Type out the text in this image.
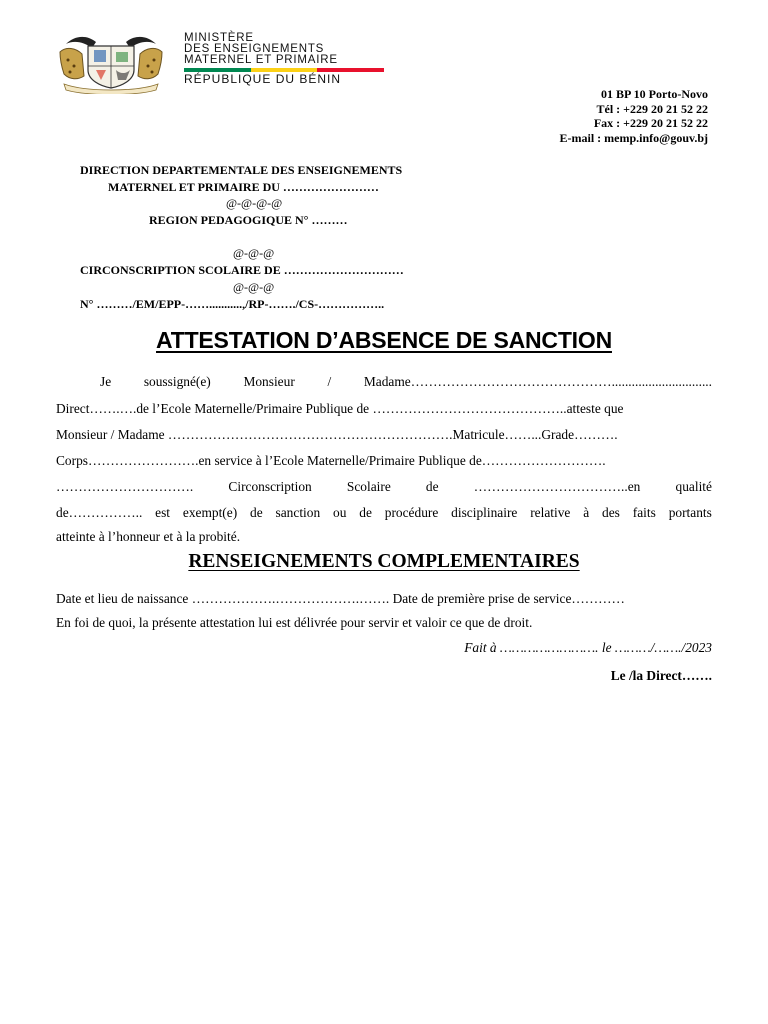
MINISTÈRE
DES ENSEIGNEMENTS
MATERNEL ET PRIMAIRE
RÉPUBLIQUE DU BÉNIN
01 BP 10 Porto-Novo
Tél : +229 20 21 52 22
Fax : +229 20 21 52 22
E-mail : memp.info@gouv.bj
DIRECTION DEPARTEMENTALE DES ENSEIGNEMENTS
MATERNEL ET PRIMAIRE DU ……………………
@-@-@-@
REGION PEDAGOGIQUE N° ………
@-@-@
CIRCONSCRIPTION SCOLAIRE DE …………………………
@-@-@
N° ………/EM/EPP-……...........,/RP-……./CS-……………..
ATTESTATION D’ABSENCE DE SANCTION
Je soussigné(e) Monsieur / Madame………………………………………..............................
Direct…….….de l’Ecole Maternelle/Primaire Publique de ……………………………………..atteste que
Monsieur / Madame ……………………………………………………….Matricule……...Grade……….
Corps…………………….en service à l’Ecole Maternelle/Primaire Publique de……………………….
………………………….	Circonscription	Scolaire	de	……………………………..en	qualité
de…………….. est exempt(e) de sanction ou de procédure disciplinaire relative à des faits portants
atteinte à l’honneur et à la probité.
RENSEIGNEMENTS COMPLEMENTAIRES
Date et lieu de naissance ……………….……………….……. Date de première prise de service…………
En foi de quoi, la présente attestation lui est délivrée pour servir et valoir ce que de droit.
Fait à ……………………. le ………/……./2023
Le /la Direct…….
